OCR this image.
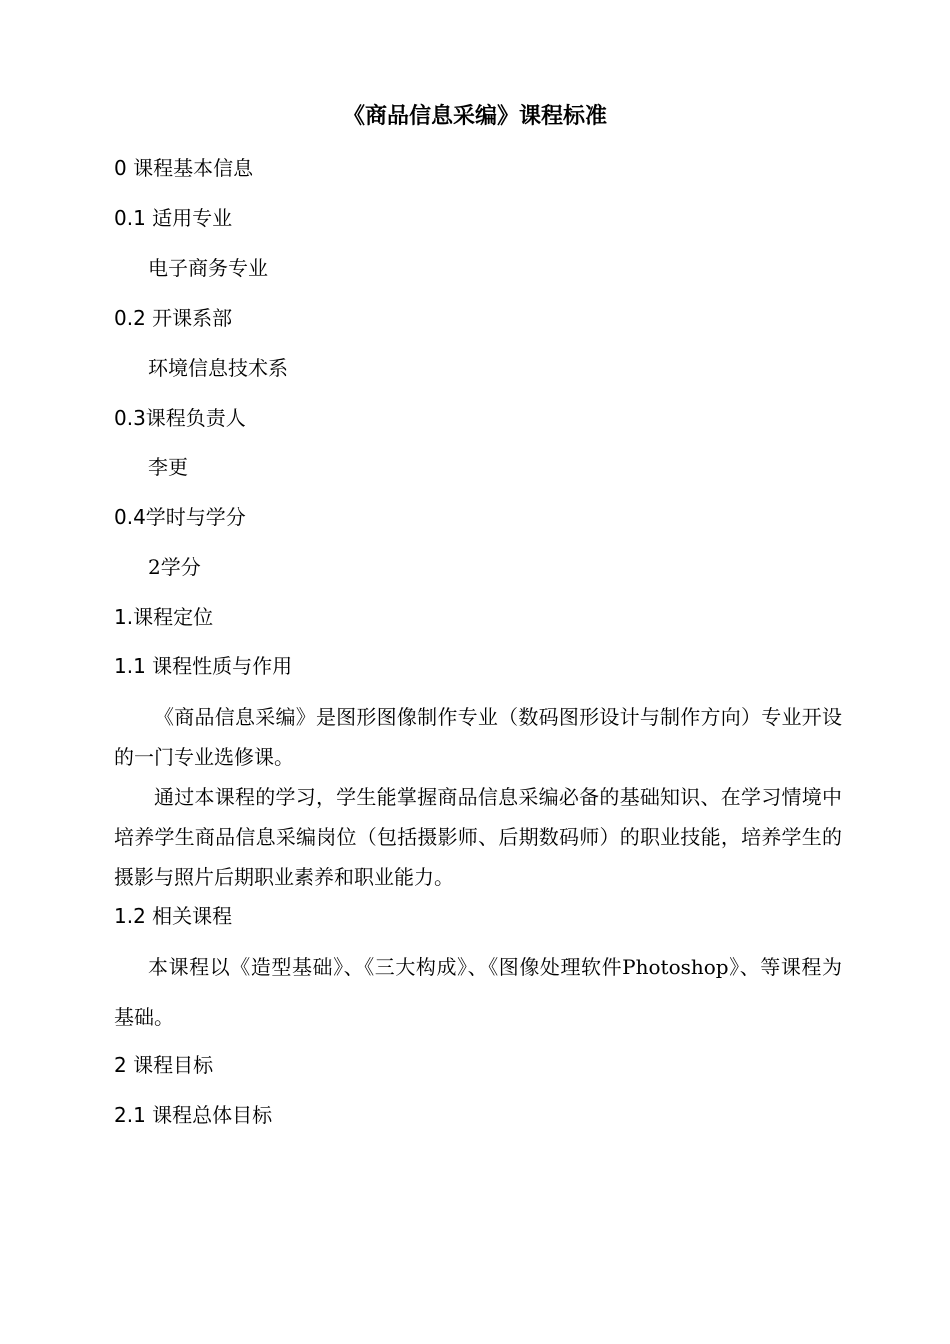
《商品信息采编》课程标准
0 课程基本信息
0.1 适用专业
电子商务专业
0.2 开课系部
环境信息技术系
0.3课程负责人
李更
0.4学时与学分
2学分
1.课程定位
1.1 课程性质与作用

《商品信息采编》是图形图像制作专业（数码图形设计与制作方向）专业开设的一门专业选修课。

通过本课程的学习，学生能掌握商品信息采编必备的基础知识、在学习情境中培养学生商品信息采编岗位（包括摄影师、后期数码师）的职业技能，培养学生的摄影与照片后期职业素养和职业能力。

1.2 相关课程

本课程以《造型基础》、《三大构成》、《图像处理软件Photoshop》、等课程为基础。

2 课程目标
2.1 课程总体目标
